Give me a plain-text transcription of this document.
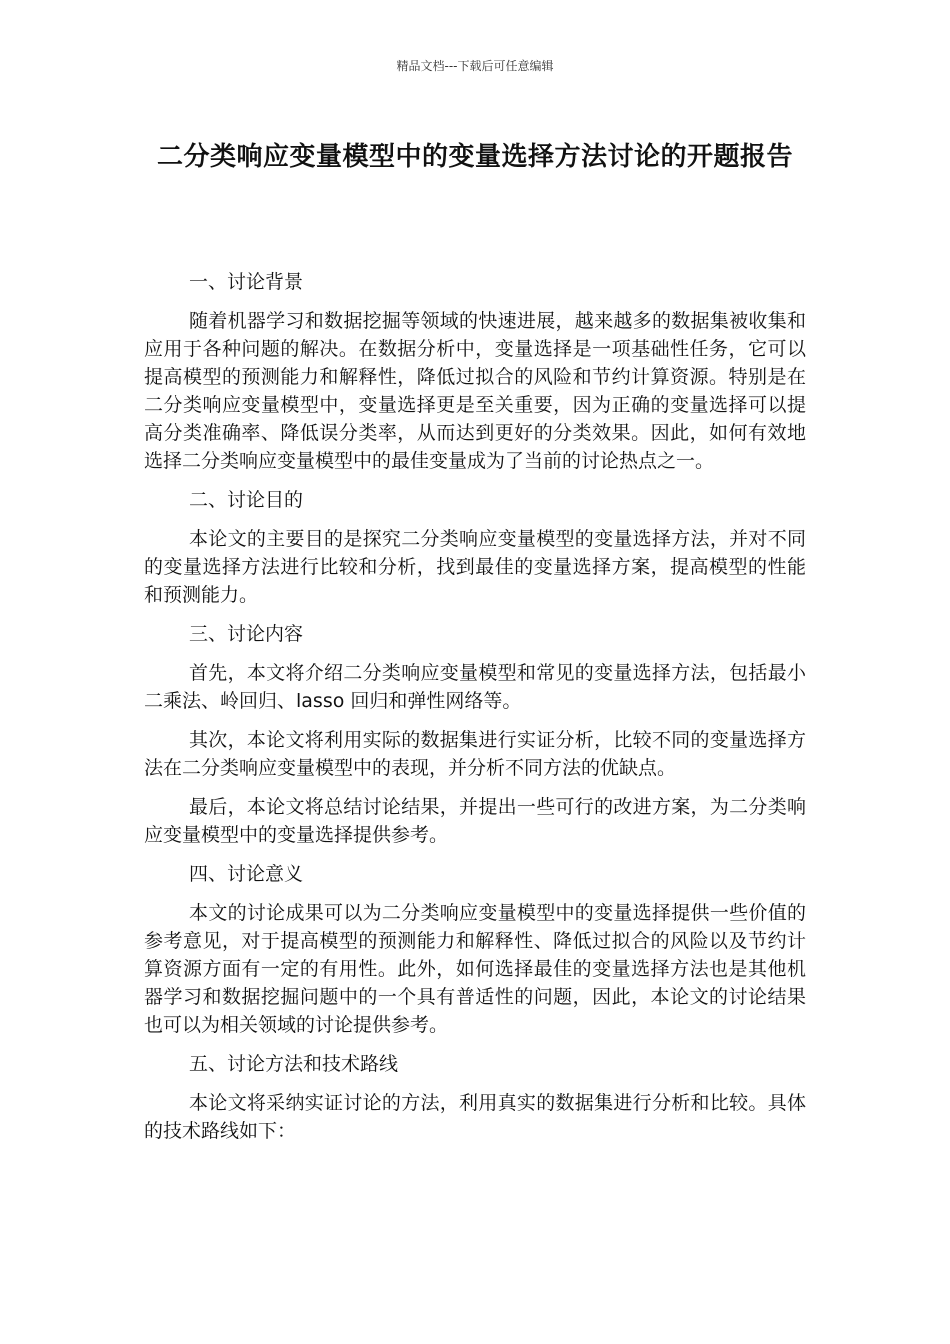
精品文档---下载后可任意编辑
二分类响应变量模型中的变量选择方法讨论的开题报告

一、讨论背景

随着机器学习和数据挖掘等领域的快速进展，越来越多的数据集被收集和应用于各种问题的解决。在数据分析中，变量选择是一项基础性任务，它可以提高模型的预测能力和解释性，降低过拟合的风险和节约计算资源。特别是在二分类响应变量模型中，变量选择更是至关重要，因为正确的变量选择可以提高分类准确率、降低误分类率，从而达到更好的分类效果。因此，如何有效地选择二分类响应变量模型中的最佳变量成为了当前的讨论热点之一。

二、讨论目的

本论文的主要目的是探究二分类响应变量模型的变量选择方法，并对不同的变量选择方法进行比较和分析，找到最佳的变量选择方案，提高模型的性能和预测能力。

三、讨论内容

首先，本文将介绍二分类响应变量模型和常见的变量选择方法，包括最小二乘法、岭回归、lasso 回归和弹性网络等。

其次，本论文将利用实际的数据集进行实证分析，比较不同的变量选择方法在二分类响应变量模型中的表现，并分析不同方法的优缺点。

最后，本论文将总结讨论结果，并提出一些可行的改进方案，为二分类响应变量模型中的变量选择提供参考。

四、讨论意义

本文的讨论成果可以为二分类响应变量模型中的变量选择提供一些价值的参考意见，对于提高模型的预测能力和解释性、降低过拟合的风险以及节约计算资源方面有一定的有用性。此外，如何选择最佳的变量选择方法也是其他机器学习和数据挖掘问题中的一个具有普适性的问题，因此，本论文的讨论结果也可以为相关领域的讨论提供参考。

五、讨论方法和技术路线

本论文将采纳实证讨论的方法，利用真实的数据集进行分析和比较。具体的技术路线如下：
